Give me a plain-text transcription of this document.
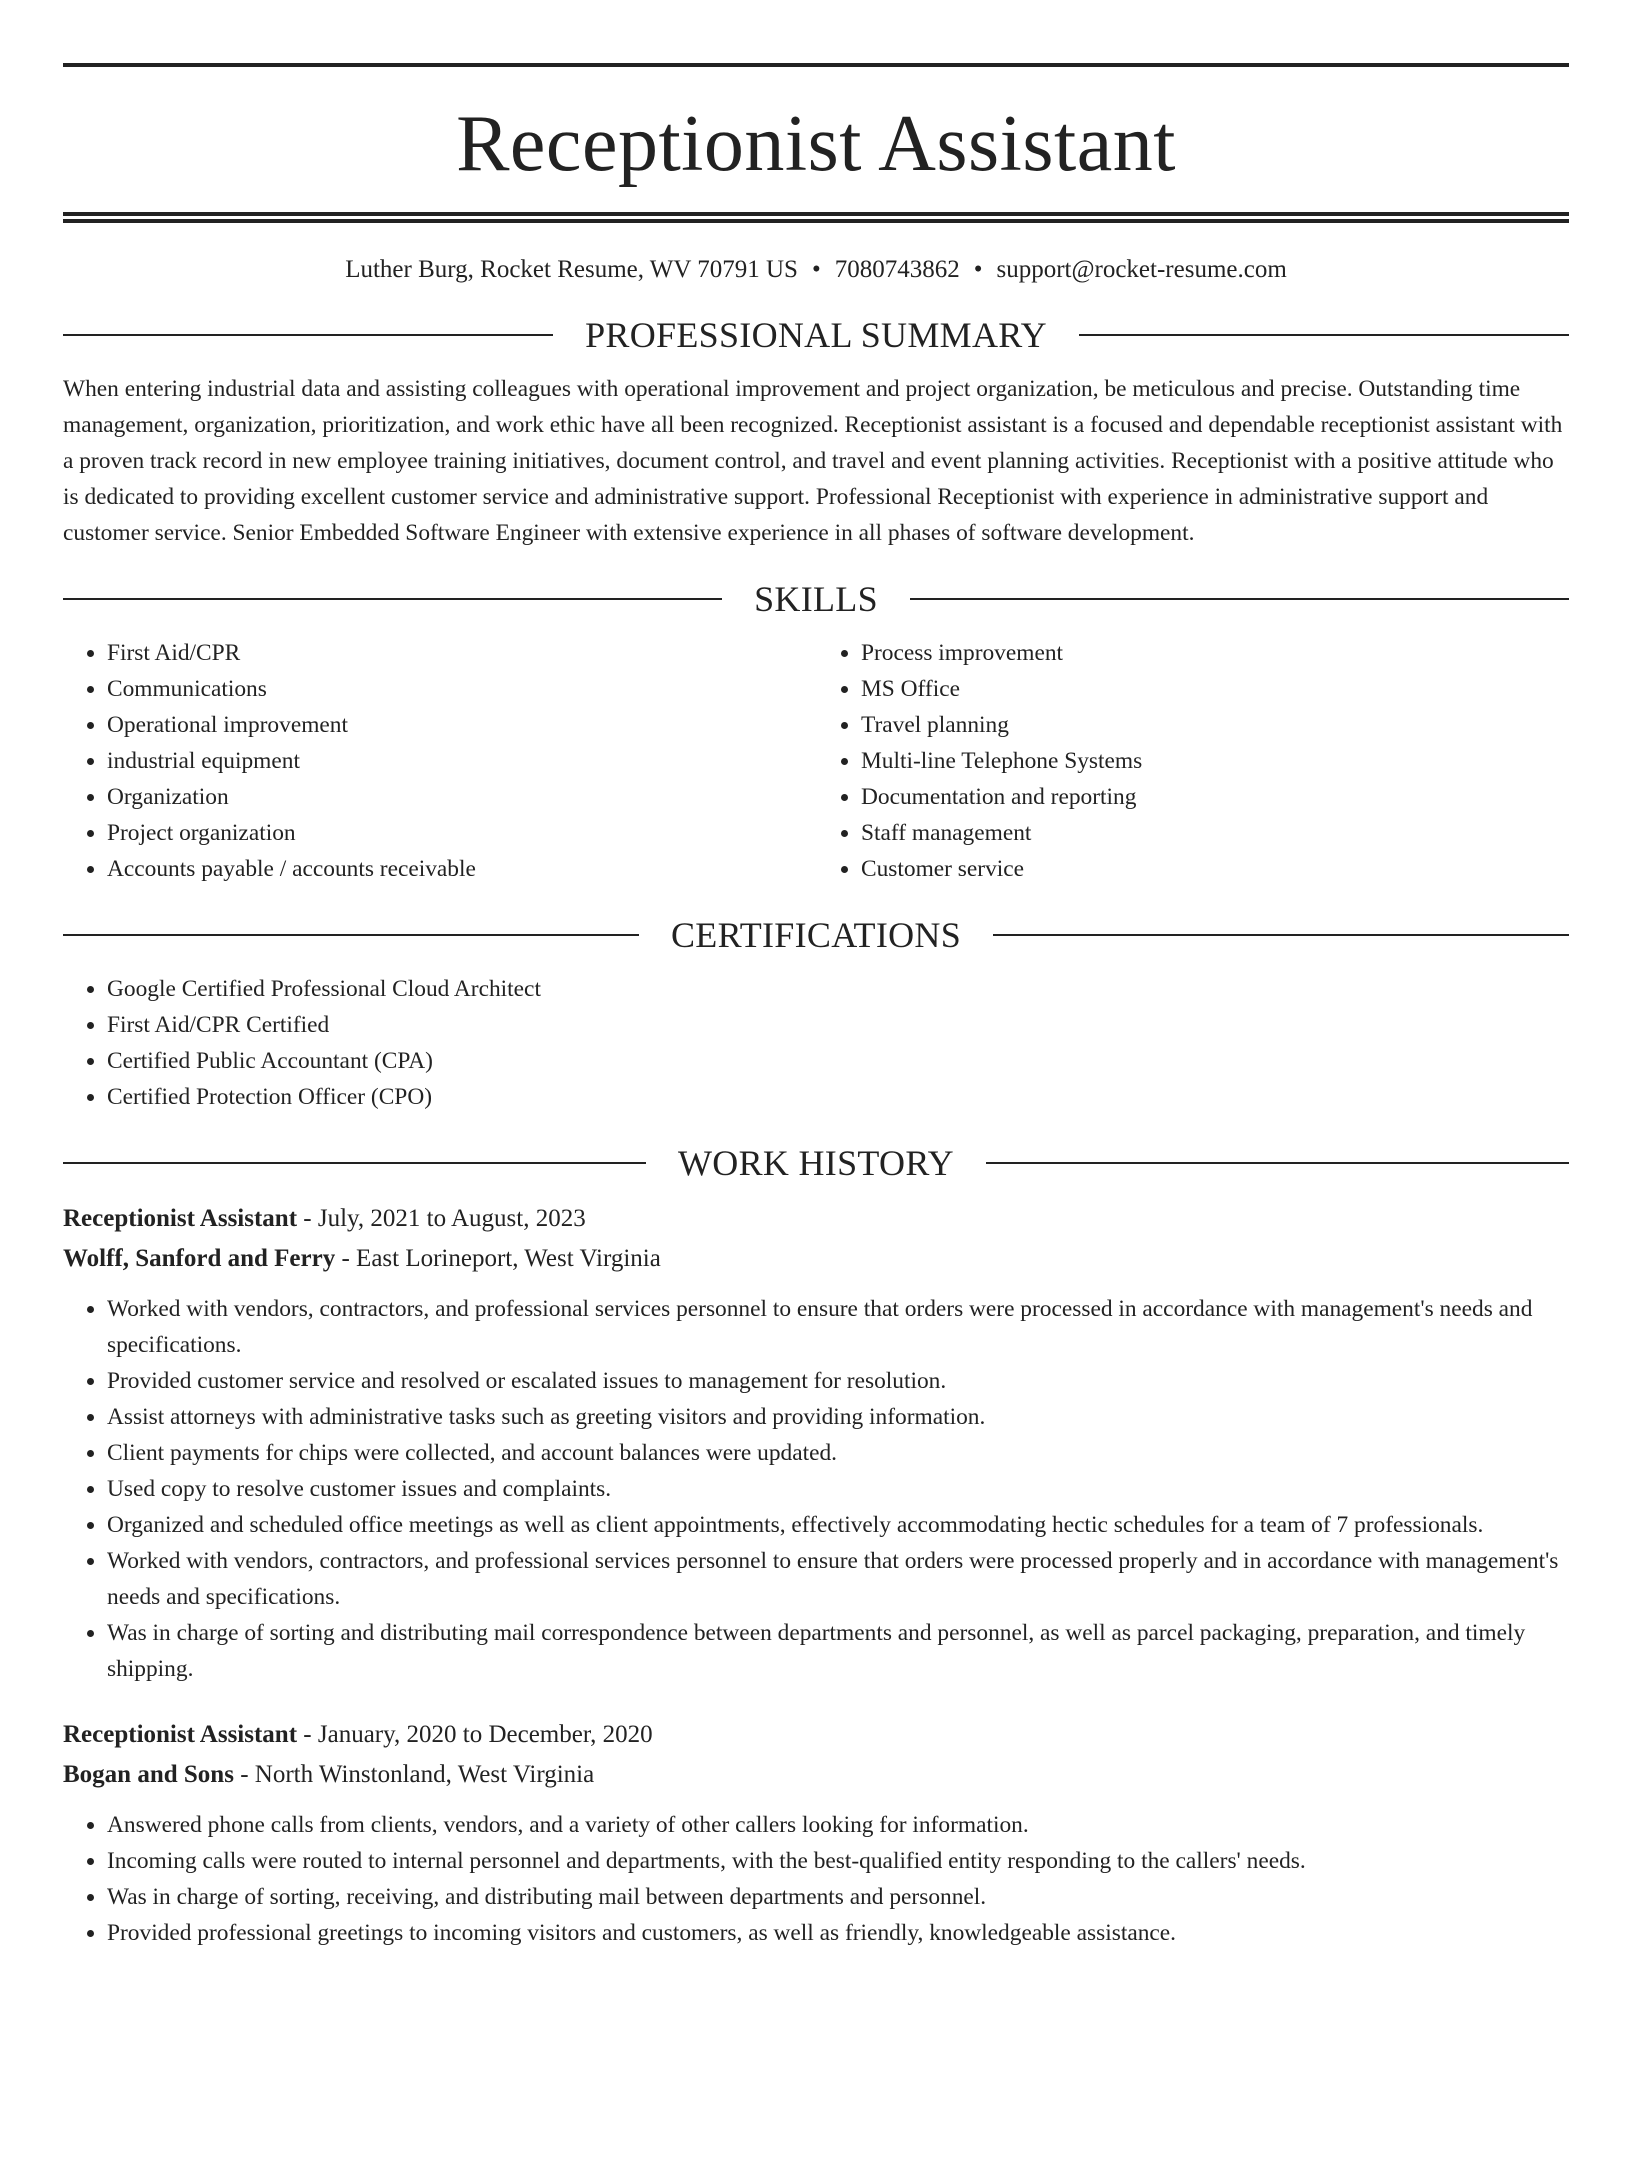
Receptionist Assistant
Luther Burg, Rocket Resume, WV 70791 US • 7080743862 • support@rocket-resume.com
PROFESSIONAL SUMMARY

When entering industrial data and assisting colleagues with operational improvement and project organization, be meticulous and precise. Outstanding time management, organization, prioritization, and work ethic have all been recognized. Receptionist assistant is a focused and dependable receptionist assistant with a proven track record in new employee training initiatives, document control, and travel and event planning activities. Receptionist with a positive attitude who is dedicated to providing excellent customer service and administrative support. Professional Receptionist with experience in administrative support and customer service. Senior Embedded Software Engineer with extensive experience in all phases of software development.

SKILLS
• First Aid/CPR
• Communications
• Operational improvement
• industrial equipment
• Organization
• Project organization
• Accounts payable / accounts receivable
• Process improvement
• MS Office
• Travel planning
• Multi-line Telephone Systems
• Documentation and reporting
• Staff management
• Customer service
CERTIFICATIONS
• Google Certified Professional Cloud Architect
• First Aid/CPR Certified
• Certified Public Accountant (CPA)
• Certified Protection Officer (CPO)
WORK HISTORY
Receptionist Assistant - July, 2021 to August, 2023
Wolff, Sanford and Ferry - East Lorineport, West Virginia
• Worked with vendors, contractors, and professional services personnel to ensure that orders were processed in accordance with management's needs and specifications.
• Provided customer service and resolved or escalated issues to management for resolution.
• Assist attorneys with administrative tasks such as greeting visitors and providing information.
• Client payments for chips were collected, and account balances were updated.
• Used copy to resolve customer issues and complaints.
• Organized and scheduled office meetings as well as client appointments, effectively accommodating hectic schedules for a team of 7 professionals.
• Worked with vendors, contractors, and professional services personnel to ensure that orders were processed properly and in accordance with management's needs and specifications.
• Was in charge of sorting and distributing mail correspondence between departments and personnel, as well as parcel packaging, preparation, and timely shipping.
Receptionist Assistant - January, 2020 to December, 2020
Bogan and Sons - North Winstonland, West Virginia
• Answered phone calls from clients, vendors, and a variety of other callers looking for information.
• Incoming calls were routed to internal personnel and departments, with the best-qualified entity responding to the callers' needs.
• Was in charge of sorting, receiving, and distributing mail between departments and personnel.
• Provided professional greetings to incoming visitors and customers, as well as friendly, knowledgeable assistance.
